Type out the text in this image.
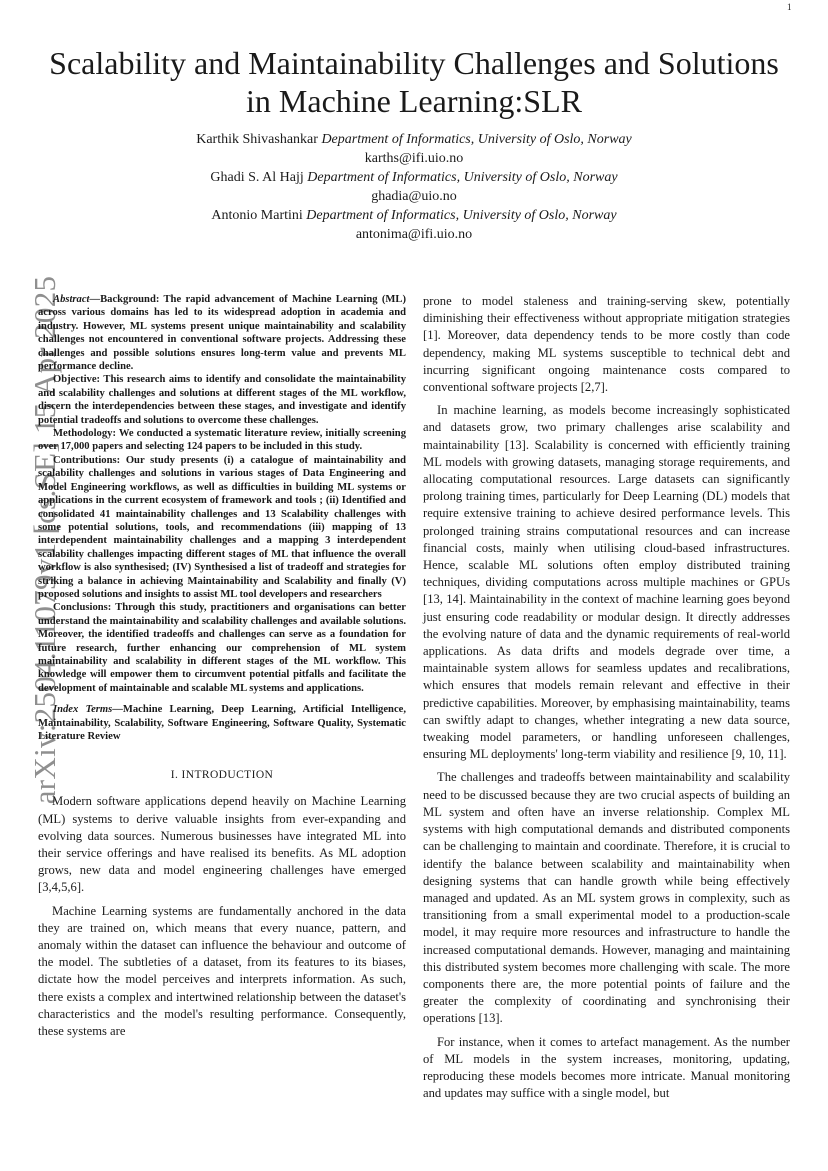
1
arXiv:2504.11079v1 [cs.SE] 15 Apr 2025
Scalability and Maintainability Challenges and Solutions in Machine Learning:SLR
Karthik Shivashankar Department of Informatics, University of Oslo, Norway
karths@ifi.uio.no
Ghadi S. Al Hajj Department of Informatics, University of Oslo, Norway
ghadia@uio.no
Antonio Martini Department of Informatics, University of Oslo, Norway
antonima@ifi.uio.no

Abstract—Background: The rapid advancement of Machine Learning (ML) across various domains has led to its widespread adoption in academia and industry. However, ML systems present unique maintainability and scalability challenges not encountered in conventional software projects. Addressing these challenges and possible solutions ensures long-term value and prevents ML performance decline.

Objective: This research aims to identify and consolidate the maintainability and scalability challenges and solutions at different stages of the ML workflow, discern the interdependencies between these stages, and investigate and identify potential tradeoffs and solutions to overcome these challenges.

Methodology: We conducted a systematic literature review, initially screening over 17,000 papers and selecting 124 papers to be included in this study.

Contributions: Our study presents (i) a catalogue of maintainability and scalability challenges and solutions in various stages of Data Engineering and Model Engineering workflows, as well as difficulties in building ML systems or applications in the current ecosystem of framework and tools ; (ii) Identified and consolidated 41 maintainability challenges and 13 Scalability challenges with some potential solutions, tools, and recommendations (iii) mapping of 13 interdependent maintainability challenges and a mapping 3 interdependent scalability challenges impacting different stages of ML that influence the overall workflow is also synthesised; (IV) Synthesised a list of tradeoff and strategies for striking a balance in achieving Maintainability and Scalability and finally (V) proposed solutions and insights to assist ML tool developers and researchers

Conclusions: Through this study, practitioners and organisations can better understand the maintainability and scalability challenges and available solutions. Moreover, the identified tradeoffs and challenges can serve as a foundation for future research, further enhancing our comprehension of ML system maintainability and scalability in different stages of the ML workflow. This knowledge will empower them to circumvent potential pitfalls and facilitate the development of maintainable and scalable ML systems and applications.

Index Terms—Machine Learning, Deep Learning, Artificial Intelligence, Maintainability, Scalability, Software Engineering, Software Quality, Systematic Literature Review

I. INTRODUCTION

Modern software applications depend heavily on Machine Learning (ML) systems to derive valuable insights from ever-expanding and evolving data sources. Numerous businesses have integrated ML into their service offerings and have realised its benefits. As ML adoption grows, new data and model engineering challenges have emerged [3,4,5,6].

Machine Learning systems are fundamentally anchored in the data they are trained on, which means that every nuance, pattern, and anomaly within the dataset can influence the behaviour and outcome of the model. The subtleties of a dataset, from its features to its biases, dictate how the model perceives and interprets information. As such, there exists a complex and intertwined relationship between the dataset's characteristics and the model's resulting performance. Consequently, these systems are

prone to model staleness and training-serving skew, potentially diminishing their effectiveness without appropriate mitigation strategies [1]. Moreover, data dependency tends to be more costly than code dependency, making ML systems susceptible to technical debt and incurring significant ongoing maintenance costs compared to conventional software projects [2,7].

In machine learning, as models become increasingly sophisticated and datasets grow, two primary challenges arise scalability and maintainability [13]. Scalability is concerned with efficiently training ML models with growing datasets, managing storage requirements, and allocating computational resources. Large datasets can significantly prolong training times, particularly for Deep Learning (DL) models that require extensive training to achieve desired performance levels. This prolonged training strains computational resources and can increase financial costs, mainly when utilising cloud-based infrastructures. Hence, scalable ML solutions often employ distributed training techniques, dividing computations across multiple machines or GPUs [13, 14]. Maintainability in the context of machine learning goes beyond just ensuring code readability or modular design. It directly addresses the evolving nature of data and the dynamic requirements of real-world applications. As data drifts and models degrade over time, a maintainable system allows for seamless updates and recalibrations, which ensures that models remain relevant and effective in their predictive capabilities. Moreover, by emphasising maintainability, teams can swiftly adapt to changes, whether integrating a new data source, tweaking model parameters, or handling unforeseen challenges, ensuring ML deployments' long-term viability and resilience [9, 10, 11].

The challenges and tradeoffs between maintainability and scalability need to be discussed because they are two crucial aspects of building an ML system and often have an inverse relationship. Complex ML systems with high computational demands and distributed components can be challenging to maintain and coordinate. Therefore, it is crucial to identify the balance between scalability and maintainability when designing systems that can handle growth while being effectively managed and updated. As an ML system grows in complexity, such as transitioning from a small experimental model to a production-scale model, it may require more resources and infrastructure to handle the increased computational demands. However, managing and maintaining this distributed system becomes more challenging with scale. The more components there are, the more potential points of failure and the greater the complexity of coordinating and synchronising their operations [13].

For instance, when it comes to artefact management. As the number of ML models in the system increases, monitoring, updating, reproducing these models becomes more intricate. Manual monitoring and updates may suffice with a single model, but
